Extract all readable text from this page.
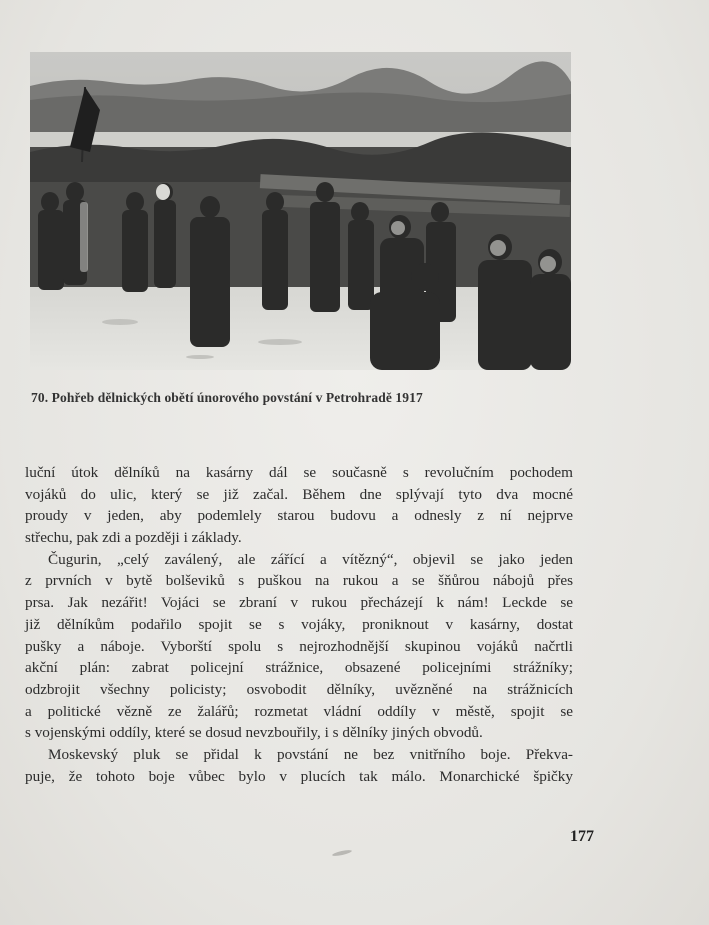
70. Pohřeb dělnických obětí únorového povstání v Petrohradě 1917
luční útok dělníků na kasárny dál se současně s revolučním pochodem
vojáků do ulic, který se již začal. Během dne splývají tyto dva mocné
proudy v jeden, aby podemlely starou budovu a odnesly z ní nejprve
střechu, pak zdi a později i základy.
Čugurin, „celý zaválený, ale zářící a vítězný“, objevil se jako jeden
z prvních v bytě bolševiků s puškou na rukou a se šňůrou nábojů přes
prsa. Jak nezářit! Vojáci se zbraní v rukou přecházejí k nám! Leckde se
již dělníkům podařilo spojit se s vojáky, proniknout v kasárny, dostat
pušky a náboje. Vyborští spolu s nejrozhodnější skupinou vojáků načrtli
akční plán: zabrat policejní strážnice, obsazené policejními strážníky;
odzbrojit všechny policisty; osvobodit dělníky, uvězněné na strážnicích
a politické vězně ze žalářů; rozmetat vládní oddíly v městě, spojit se
s vojenskými oddíly, které se dosud nevzbouřily, i s dělníky jiných obvodů.
Moskevský pluk se přidal k povstání ne bez vnitřního boje. Překva-
puje, že tohoto boje vůbec bylo v plucích tak málo. Monarchické špičky
177
